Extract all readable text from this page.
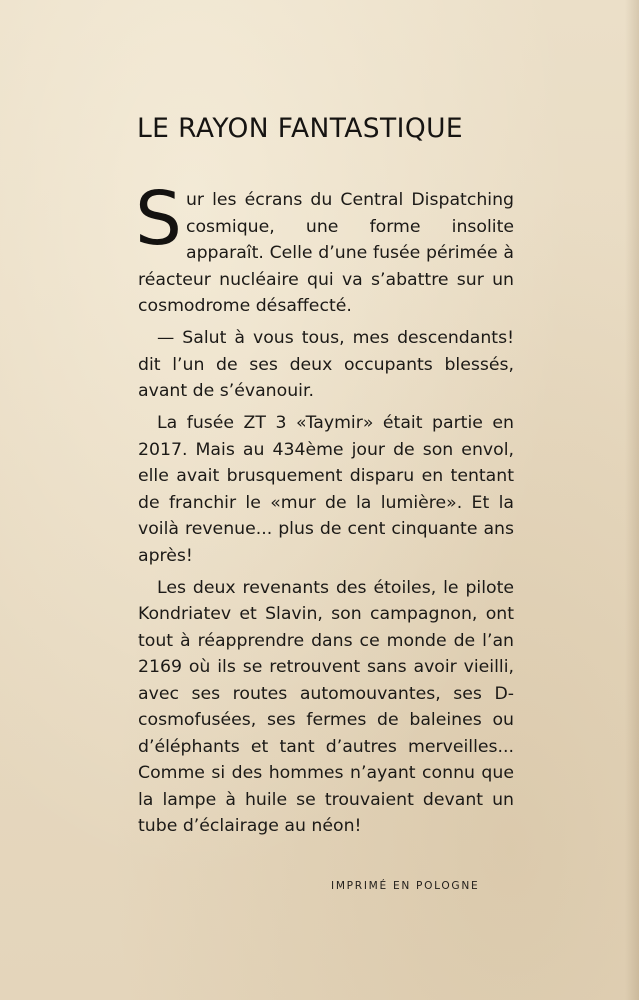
LE RAYON FANTASTIQUE

Sur les écrans du Central Dispatching cosmique, une forme insolite apparaît. Celle d’une fusée périmée à réacteur nucléaire qui va s’abattre sur un cosmodrome désaffecté.

— Salut à vous tous, mes descendants! dit l’un de ses deux occupants blessés, avant de s’évanouir.

La fusée ZT 3 «Taymir» était partie en 2017. Mais au 434ème jour de son envol, elle avait brusquement disparu en tentant de franchir le «mur de la lumière». Et la voilà revenue... plus de cent cinquante ans après!

Les deux revenants des étoiles, le pilote Kondriatev et Slavin, son campagnon, ont tout à réapprendre dans ce monde de l’an 2169 où ils se retrouvent sans avoir vieilli, avec ses routes automouvantes, ses D-cosmofusées, ses fermes de baleines ou d’éléphants et tant d’autres merveilles... Comme si des hommes n’ayant connu que la lampe à huile se trouvaient devant un tube d’éclairage au néon!

IMPRIMÉ EN POLOGNE
